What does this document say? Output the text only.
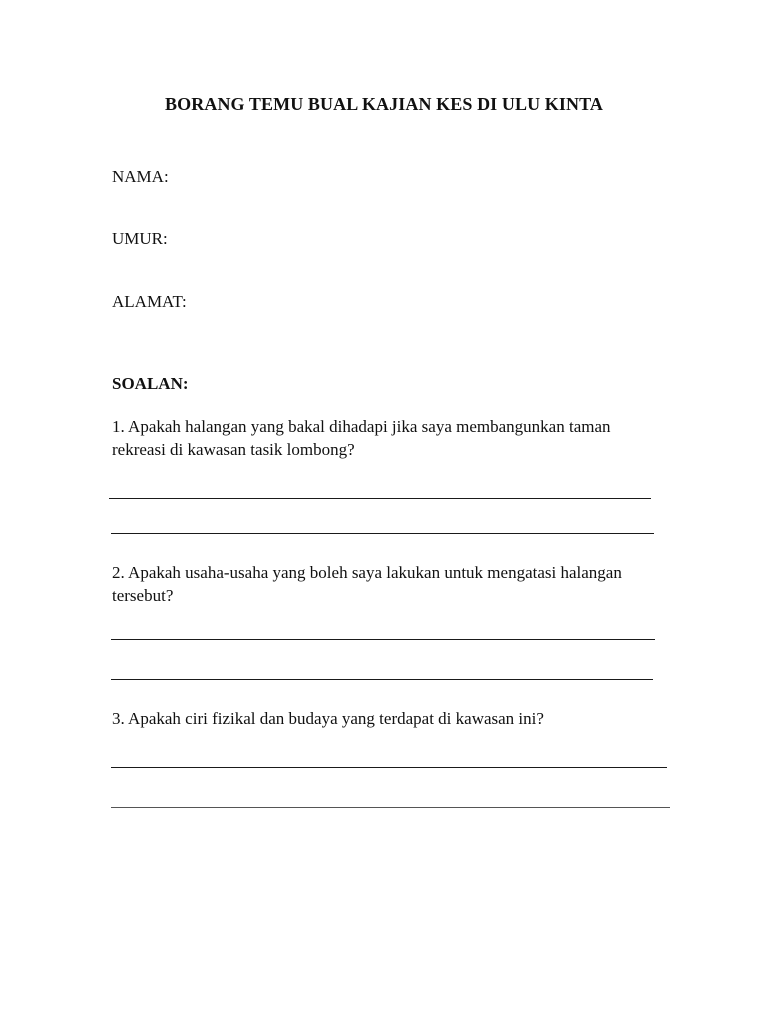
BORANG TEMU BUAL KAJIAN KES DI ULU KINTA
NAMA:
UMUR:
ALAMAT:
SOALAN:
1. Apakah halangan yang bakal dihadapi jika saya membangunkan taman rekreasi di kawasan tasik lombong?
2. Apakah usaha-usaha yang boleh saya lakukan untuk mengatasi halangan tersebut?
3. Apakah ciri fizikal dan budaya yang terdapat di kawasan ini?
